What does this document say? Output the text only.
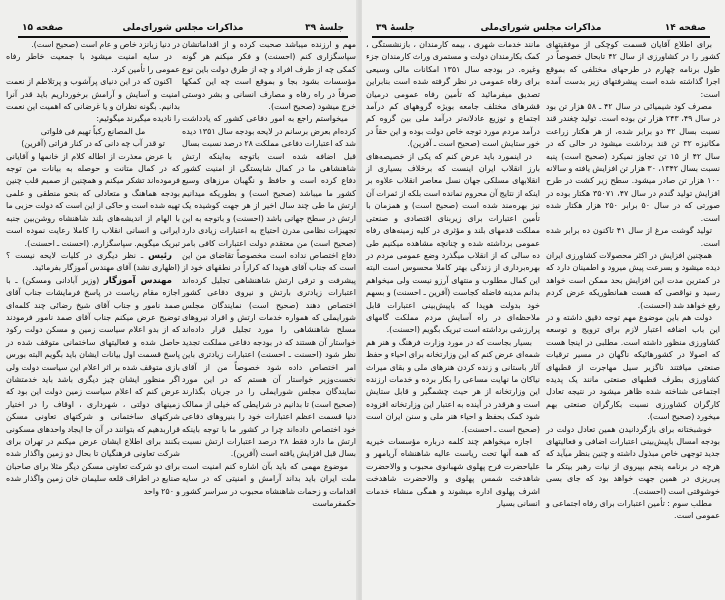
جلسهٔ ۳۹
مذاکرات مجلس شورای‌ملی
صفحه ۱۵

مهم و ارزنده میباشد صحبت کرده و از اقداماتشان سپاسگزاری کنم (احسنت) و فکر میکنم هر گونه کمکی چه از طرف افراد و چه از طرق دولت باین نوع مؤسسات بشود بجا و بموقع است چه این کمکها صرفاً در راه رفاه و مصارف انسانی و بشر دوستی خرج میشود (صحیح است).

میخواستم راجع به امور دفاعی کشور که یادداشت کرده‌ام بعرض برسانم در لایحه بودجه سال ۱۳۵۱ دیده شد که اعتبارات دفاعی مملکت ۲۸ درصد نسبت بسال قبل اضافه شده است باتوجه به‌اینکه ارتش شاهنشاهی ما در کمال شایستگی از امنیت کشور دفاع کرده است و حافظ و نگهبان مرزهای وسیع کشور ما میباشد (صحیح است) و بطوریکه میدانیم ارتش ما طی چند سال اخیر از هر جهت کوشیده یک ارتش در سطح جهانی باشد (احسنت) و باتوجه به این تجهیزات نظامی مدرن احتیاج به اعتبارات زیادی دارد (صحیح است) من معتقدم دولت اعتبارات کافی بامر دفاع اختصاص نداده است مخصوصاً تقاضای من این است که جناب آقای هویدا که کراراً در نطقهای خود از پیشرفت و ترقی ارتش شاهنشاهی تجلیل کرده‌اند اعتبارات زیادتری بارتش و نیروی دفاعی کشور اختصاص دهند (صحیح است) نمایندگان مجلس شورایملی که همواره خدمات ارتش و افراد نیروهای مسلح شاهنشاهی را مورد تجلیل قرار داده‌اند خواستار آن هستند که در بودجه دفاعی مملکت تجدید نظر شود (احسنت ـ احسنت) اعتبارات زیادتری باین امر اختصاص داده شود خصوصاً من از آقای نخست‌وزیر خواستار آن هستم که در این مورد نمایندگان مجلس شورایملی را در جریان بگذارند (صحیح است) تا بدانیم در شرایطی که خیلی از ممالک دنیا قسمت اعظم اعتبارات خود را بنیروهای دفاعی خود اختصاص داده‌اند چرا در کشور ما با توجه باینکه ارتش ما دارد فقط ۲۸ درصد اعتبارات ارتش نسبت بسال قبل افزایش یافته است (آفرین).

موضوع مهمی که باید بآن اشاره کنم امنیت است ملت ایران باید بداند آرامش و امنیتی که در سایه اقدامات و زحمات شاهنشاه محبوب در سراسر کشور حکمفرماست

در دنیا زبانزد خاص و عام است (صحیح است).

در سایه امنیت میشود با جمعیت خاطر رفاه عمومی را تأمین کرد.

اکنون که در این دنیای پرآشوب و پرتلاطم از نعمت امنیت و آسایش و آرامش برخورداریم باید قدر آنرا بدانیم. بگونه نظران و یا غرضانی که اهمیت این نعمت را نادیده میگیرند میگوئیم:

مل المصانع رکباً تهیم فی فلواتی

تو قدر آب چه دانی که در کنار فراتی (آفرین)

با عرض معذرت از اطاله کلام از خانمها و آقایانی که در کمال متانت و حوصله به بیانات من توجه فرموده‌اند تشکر میکنم و همچنین از صمیم قلب چنین بودجه هماهنگ و متعادلی که بنحو منطقی و علمی تهیه شده است و حاکی از این است که دولت حزبی ما با الهام از اندیشه‌های بلند شاهنشاه روشن‌بین جنبه ایرانی و انسانی انقلاب را کاملا رعایت نموده است تبریک میگویم. سپاسگزارم. (احسنت ـ احسنت).

رئیس ـ نظر دیگری در کلیات لایحه نیست ؟ (اظهاری نشد) آقای مهندس آموزگار بفرمائید.

مهندس آموزگار (وزیر آبادانی ومسکن) ـ با اجازه مقام ریاست در پاسخ فرمایشات جناب آقای صمد نامور و جناب آقای شیخ رضائی چند کلمه‌ای توضیح عرض میکنم جناب آقای صمد نامور فرمودند که از بدو اعلام سیاست زمین و مسکن دولت رکود حاصل شده و فعالیتهای ساختمانی متوقف شده در پاسخ قسمت اول بیانات ایشان باید بگویم البته بورس بازی متوقف شده بر اثر اعلام این سیاست دولت ولی اگر منظور ایشان چیز دیگری باشد باید خدمتشان عرض کنم که اعلام سیاست زمین دولت این بود که زمینهای دولتی ، شهرداری ، اوقاف را در اختیار شرکتهای ساختمانی و شرکتهای تعاونی مسکن قراربدهیم که بتوانند در آن جا ایجاد واحدهای مسکونی بکنند برای اطلاع ایشان عرض میکنم در تهران برای شرکت تعاونی فرهنگیان تا بحال دو زمین واگذار شده برای دو شرکت تعاونی مسکن دیگر مثلا برای صاحبان صنایع در اطراف قلعه سلیمان خان زمین واگذار شده و ۲۵۰ واحد

صفحه ۱۴
مذاکرات مجلس شورای‌ملی
جلسهٔ ۳۹

برای اطلاع آقایان قسمت کوچکی از موفقیتهای کشور را در کشاورزی از سال ۴۲ تابحال خصوصاً در طول برنامه چهارم در طرحهای مختلفی که بموقع اجرا گذاشته شده است پیشرفتهای زیر بدست آمده است:

مصرف کود شیمیائی در سال ۴۲ ـ ۵۸ هزار تن بود در سال ۴۹، ۲۴۳ هزار تن بوده است. تولید چغندر قند نسبت بسال ۴۲ دو برابر شده، از هر هکتار زراعت مکانیزه ۳۲ تن قند برداشت میشود در حالی که در سال ۴۲ از ۱۵ تن تجاوز نمیکرد (صحیح است) پنبه نسبت بسال ۱۳۴۲، ۳۰ هزار تن افزایش یافته و سالانه ۱۰۰ هزار تن صادر میشود. سطح زیر کشت در طرح افزایش تولید گندم در سال ۴۷، ۳۵۰۷۱ هکتار بوده در صورتی که در سال ۵۰ برابر ۲۵۰ هزار هکتار شده است.

تولید گوشت مرغ از سال ۴۱ تاکنون ده برابر شده است.

همچنین افزایش در اکثر محصولات کشاورزی ایران دیده میشود و بسرعت پیش میرود و اطمینان دارد که در کمترین مدت این افزایش بحد ممکن است خواهد رسید و نواقصی که هست همانطوریکه عرض کردم رفع خواهد شد (احسنت).

دولت هم باین موضوع مهم توجه دقیق داشته و در این باب اضافه اعتبار لازم برای ترویج و توسعه کشاورزی منظور داشته است. مطلبی در اینجا هست که اصولا در کشورهائیکه ناگهان در مسیر ترقیات صنعتی میافتند ناگزیر سیل مهاجرت از قطبهای کشاورزی بطرف قطبهای صنعتی مانند یک پدیده اجتماعی شناخته شده ظاهر میشود در نتیجه تعادل کارگران کشاورزی نسبت بکارگران صنعتی بهم میخورد (صحیح است).

خوشبختانه برای بازگردانیدن همین تعادل دولت در بودجه امسال باپیش‌بینی اعتبارات اضافی و فعالیتهای جدید توجهی خاص مبذول داشته و چنین بنظر میآید که هرچه در برنامه پنجم بپیروی از نیات رهبر بیتکر ما پی‌ریزی در همین جهت خواهد بود که جای بسی خوشوقتی است (احسنت).

مطلب سوم : تأمین اعتبارات برای رفاه اجتماعی و عمومی است.

مانند خدمات شهری ، بیمه کارمندان ، بازنشستگی ، کمک بکارمندان دولت و مستمری وراث کارمندان جزء وغیره. در بودجه سال ۱۳۵۱ امکانات مالی وسیعی برای رفاه عمومی در نظر گرفته شده است بنابراین تصدیق میفرمائید که تأمین رفاه عمومی درمیان قشرهای مختلف جامعه بویژه گروههای کم درآمد اجتماع و توزیع عادلانه‌تر درآمد ملی بین گروه کم درآمد مردم مورد توجه خاص دولت بوده و این حقاً در خور ستایش است (صحیح است ـ آفرین).

در اینمورد باید عرض کنم که یکی از خصیصه‌های بارز انقلاب ایران اینست که برخلاف بسیاری از انقلابهای مسلکی جهان نسل معاصر انقلاب علاوه بر اینکه از نتایج آن محروم نمانده است بلکه از ثمرات آن نیز بهره‌مند شده است (صحیح است) و همزمان با تأمین اعتبارات برای زیربنای اقتصادی و صنعتی مملکت قدمهای بلند و مؤثری در کلیه زمینه‌های رفاه عمومی برداشته شده و چنانچه مشاهده میکنیم طی ده سالی که از انقلاب میگذرد وضع عمومی مردم در بهره‌برداری از زندگی بهتر کاملا محسوس است البته این کمال مطلوب و منتهای آرزو نیست ولی میخواهم بدانم مدینه فاضله کجاست (آفرین ـ احسنت) و بسهم خود بدولت هویدا که باپیش‌بینی اعتبارات قابل ملاحظه‌ای در راه آسایش مردم مملکت گامهای پرارزشی برداشته است تبریک بگویم (احسنت).

بسیار بجاست که در مورد وزارت فرهنگ و هنر هم شمه‌ای عرض کنم که این وزارتخانه برای احیاء و حفظ آثار باستانی و زنده کردن هنرهای ملی و بقای میراث نیاکان ما نهایت مساعی را بکار برده و خدمات ارزنده این وزارتخانه از هر حیث چشمگیر و قابل ستایش است و هرقدر در آینده به اعتبار این وزارتخانه افزوده شود کمک بحفظ و احیاء هنر ملی و سنن ایران است (صحیح است ـ احسنت).

اجازه میخواهم چند کلمه درباره مؤسسات خیریه که همه آنها تحت ریاست عالیه شاهنشاه آریامهر و علیاحضرت فرح پهلوی شهبانوی محبوب و والاحضرت شاهدخت شمس پهلوی و والاحضرت شاهدخت اشرف پهلوی اداره میشوند و همگی منشاء خدمات انسانی بسیار
